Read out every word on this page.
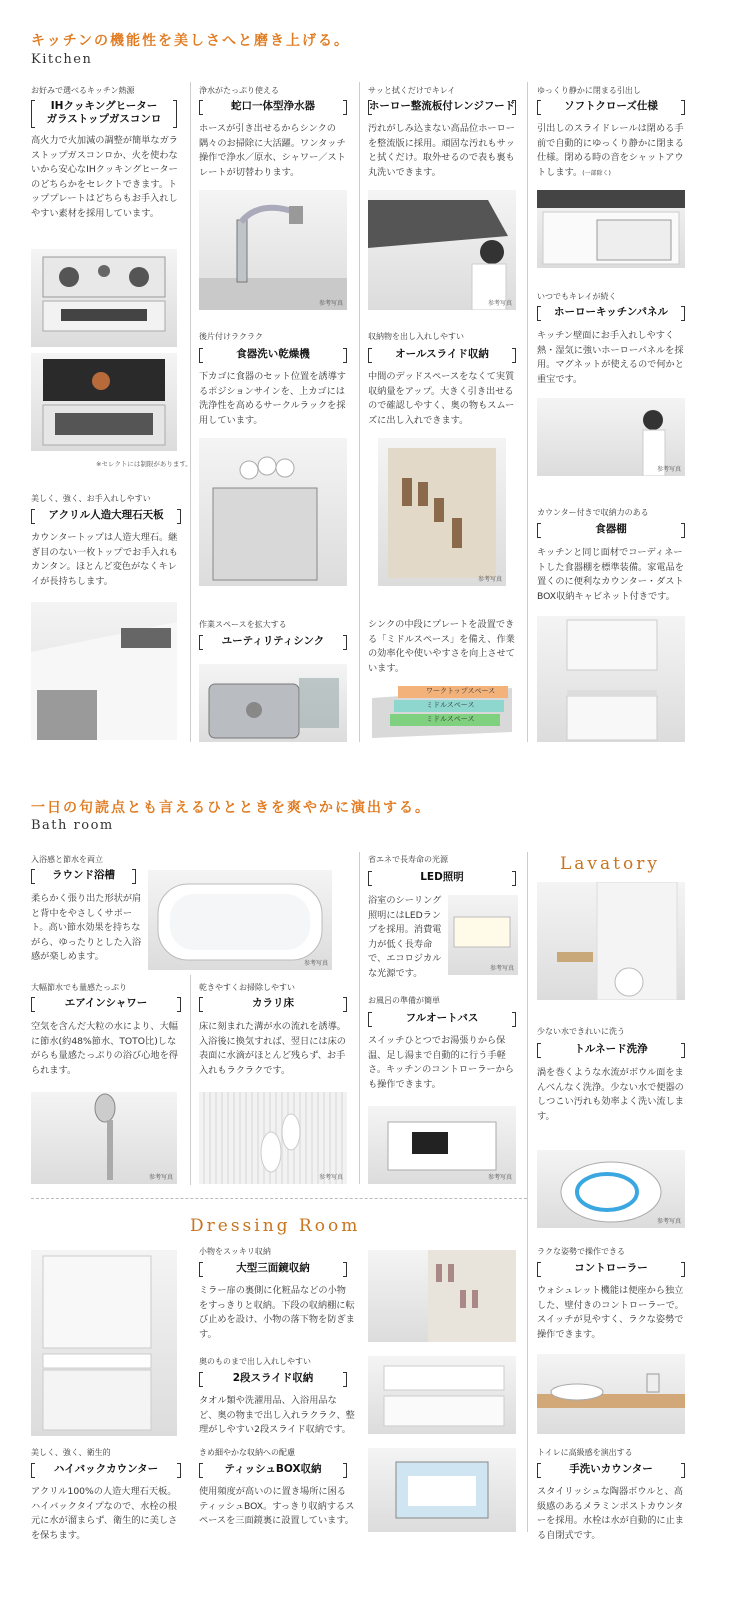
キッチンの機能性を美しさへと磨き上げる。
Kitchen
お好みで選べるキッチン熱源
IHクッキングヒーター
ガラストップガスコンロ
高火力で火加減の調整が簡単なガラストップガスコンロか、火を使わないから安心なIHクッキングヒーターのどちらかをセレクトできます。トッププレートはどちらもお手入れしやすい素材を採用しています。
※セレクトには制限があります。
美しく、強く、お手入れしやすい
アクリル人造大理石天板
カウンタートップは人造大理石。継ぎ目のない一枚トップでお手入れもカンタン。ほとんど変色がなくキレイが長持ちします。
浄水がたっぷり使える
蛇口一体型浄水器
ホースが引き出せるからシンクの隅々のお掃除に大活躍。ワンタッチ操作で浄水／原水、シャワー／ストレートが切替わります。
参考写真
後片付けラクラク
食器洗い乾燥機
下カゴに食器のセット位置を誘導するポジションサインを、上カゴには洗浄性を高めるサークルラックを採用しています。
作業スペースを拡大する
ユーティリティシンク
サッと拭くだけでキレイ
ホーロー整流板付レンジフード
汚れがしみ込まない高品位ホーローを整流版に採用。頑固な汚れもサッと拭くだけ。取外せるので表も裏も丸洗いできます。
参考写真
収納物を出し入れしやすい
オールスライド収納
中間のデッドスペースをなくて実質収納量をアップ。大きく引き出せるので確認しやすく、奥の物もスムーズに出し入れできます。
参考写真
シンクの中段にプレートを設置できる「ミドルスペース」を備え、作業の効率化や使いやすさを向上させています。
ワークトップスペース
ミドルスペース
ミドルスペース
ゆっくり静かに閉まる引出し
ソフトクローズ仕様
引出しのスライドレールは閉める手前で自動的にゆっくり静かに閉まる仕様。閉める時の音をシャットアウトします。(一部除く)
いつでもキレイが続く
ホーローキッチンパネル
キッチン壁面にお手入れしやすく熱・湿気に強いホーローパネルを採用。マグネットが使えるので何かと重宝です。
参考写真
カウンター付きで収納力のある
食器棚
キッチンと同じ面材でコーディネートした食器棚を標準装備。家電品を置くのに便利なカウンター・ダストBOX収納キャビネット付きです。
一日の句読点とも言えるひとときを爽やかに演出する。
Bath room
入浴感と節水を両立
ラウンド浴槽
柔らかく張り出た形状が肩と背中をやさしくサポート。高い節水効果を持ちながら、ゆったりとした入浴感が楽しめます。
参考写真
大幅節水でも量感たっぷり
エアインシャワー
空気を含んだ大粒の水により、大幅に節水(約48%節水、TOTO比)しながらも量感たっぷりの浴び心地を得られます。
参考写真
乾きやすくお掃除しやすい
カラリ床
床に刻まれた溝が水の流れを誘導。入浴後に換気すれば、翌日には床の表面に水滴がほとんど残らず、お手入れもラクラクです。
参考写真
省エネで長寿命の光源
LED照明
浴室のシーリング照明にはLEDランプを採用。消費電力が低く長寿命で、エコロジカルな光源です。	参考写真
お風呂の準備が簡単
フルオートバス
スイッチひとつでお湯張りから保温、足し湯まで自動的に行う手軽さ。キッチンのコントローラーからも操作できます。
参考写真
Lavatory
少ない水できれいに洗う
トルネード洗浄
渦を巻くような水流がボウル面をまんべんなく洗浄。少ない水で便器のしつこい汚れも効率よく洗い流します。
参考写真
Dressing Room
小物をスッキリ収納
大型三面鏡収納
ミラー扉の裏側に化粧品などの小物をすっきりと収納。下段の収納棚に転び止めを設け、小物の落下物を防ぎます。
奥のものまで出し入れしやすい
2段スライド収納
タオル類や洗濯用品、入浴用品など、奥の物まで出し入れラクラク、整理がしやすい2段スライド収納です。
きめ細やかな収納への配慮
ティッシュBOX収納
使用頻度が高いのに置き場所に困るティッシュBOX。すっきり収納するスペースを三面鏡裏に設置しています。
美しく、強く、衛生的
ハイバックカウンター
アクリル100%の人造大理石天板。ハイバックタイプなので、水栓の根元に水が溜まらず、衛生的に美しさを保ちます。
ラクな姿勢で操作できる
コントローラー
ウォシュレット機能は便座から独立した、壁付きのコントローラーで。スイッチが見やすく、ラクな姿勢で操作できます。
トイレに高級感を演出する
手洗いカウンター
スタイリッシュな陶器ボウルと、高級感のあるメラミンポストカウンターを採用。水栓は水が自動的に止まる自閉式です。
